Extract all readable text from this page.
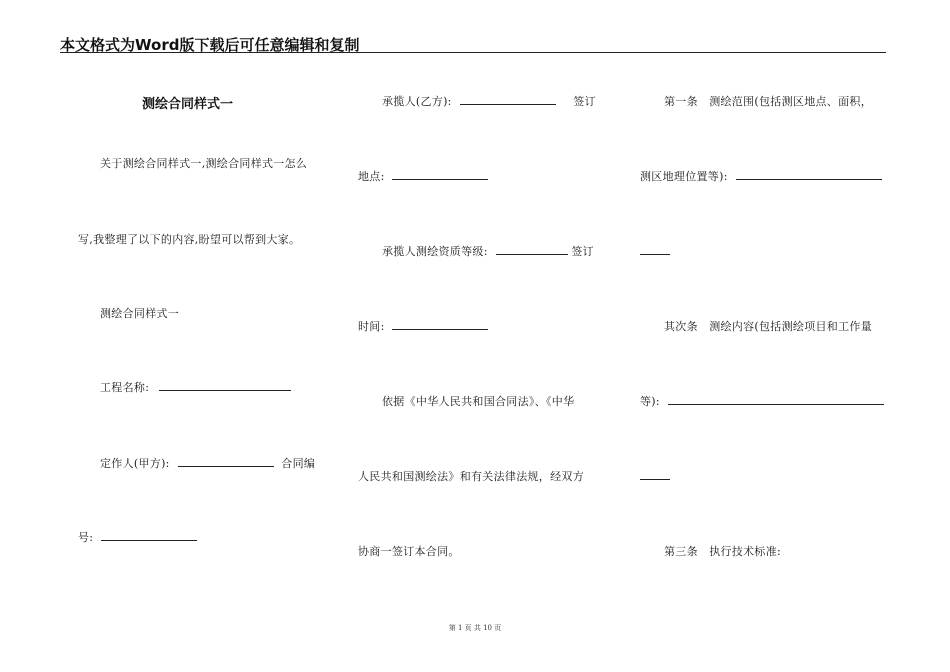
本文格式为Word版下载后可任意编辑和复制
测绘合同样式一
关于测绘合同样式一,测绘合同样式一怎么
写,我整理了以下的内容,盼望可以帮到大家。
测绘合同样式一
工程名称:
定作人(甲方):	合同编
号:
承揽人(乙方):	签订
地点:
承揽人测绘资质等级:	签订
时间:
依据《中华人民共和国合同法》、《中华
人民共和国测绘法》和有关法律法规，经双方
协商一签订本合同。
第一条　测绘范围(包括测区地点、面积，
测区地理位置等):
其次条　测绘内容(包括测绘项目和工作量
等):
第三条　执行技术标准:
第 1 页 共 10 页
